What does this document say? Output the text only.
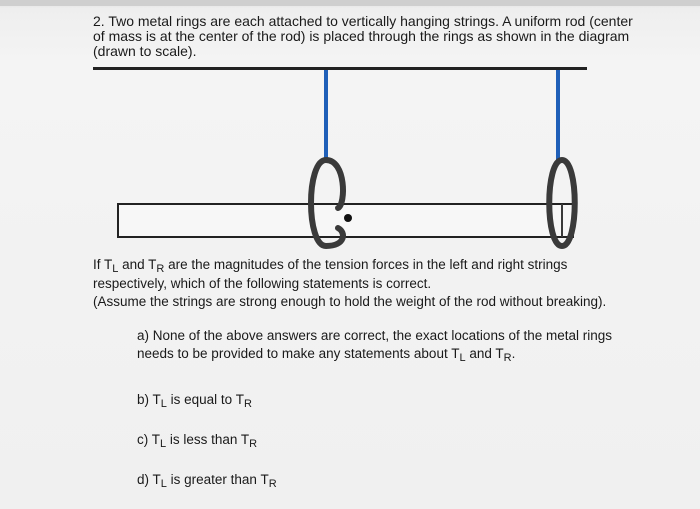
2. Two metal rings are each attached to vertically hanging strings. A uniform rod (center
of mass is at the center of the rod) is placed through the rings as shown in the diagram
(drawn to scale).
If $T_L$ and $T_R$ are the magnitudes of the tension forces in the left and right strings
respectively, which of the following statements is correct.
(Assume the strings are strong enough to hold the weight of the rod without breaking).
a) None of the above answers are correct, the exact locations of the metal rings
needs to be provided to make any statements about $T_L$ and $T_R$.
b) $T_L$ is equal to $T_R$
c) $T_L$ is less than $T_R$
d) $T_L$ is greater than $T_R$
